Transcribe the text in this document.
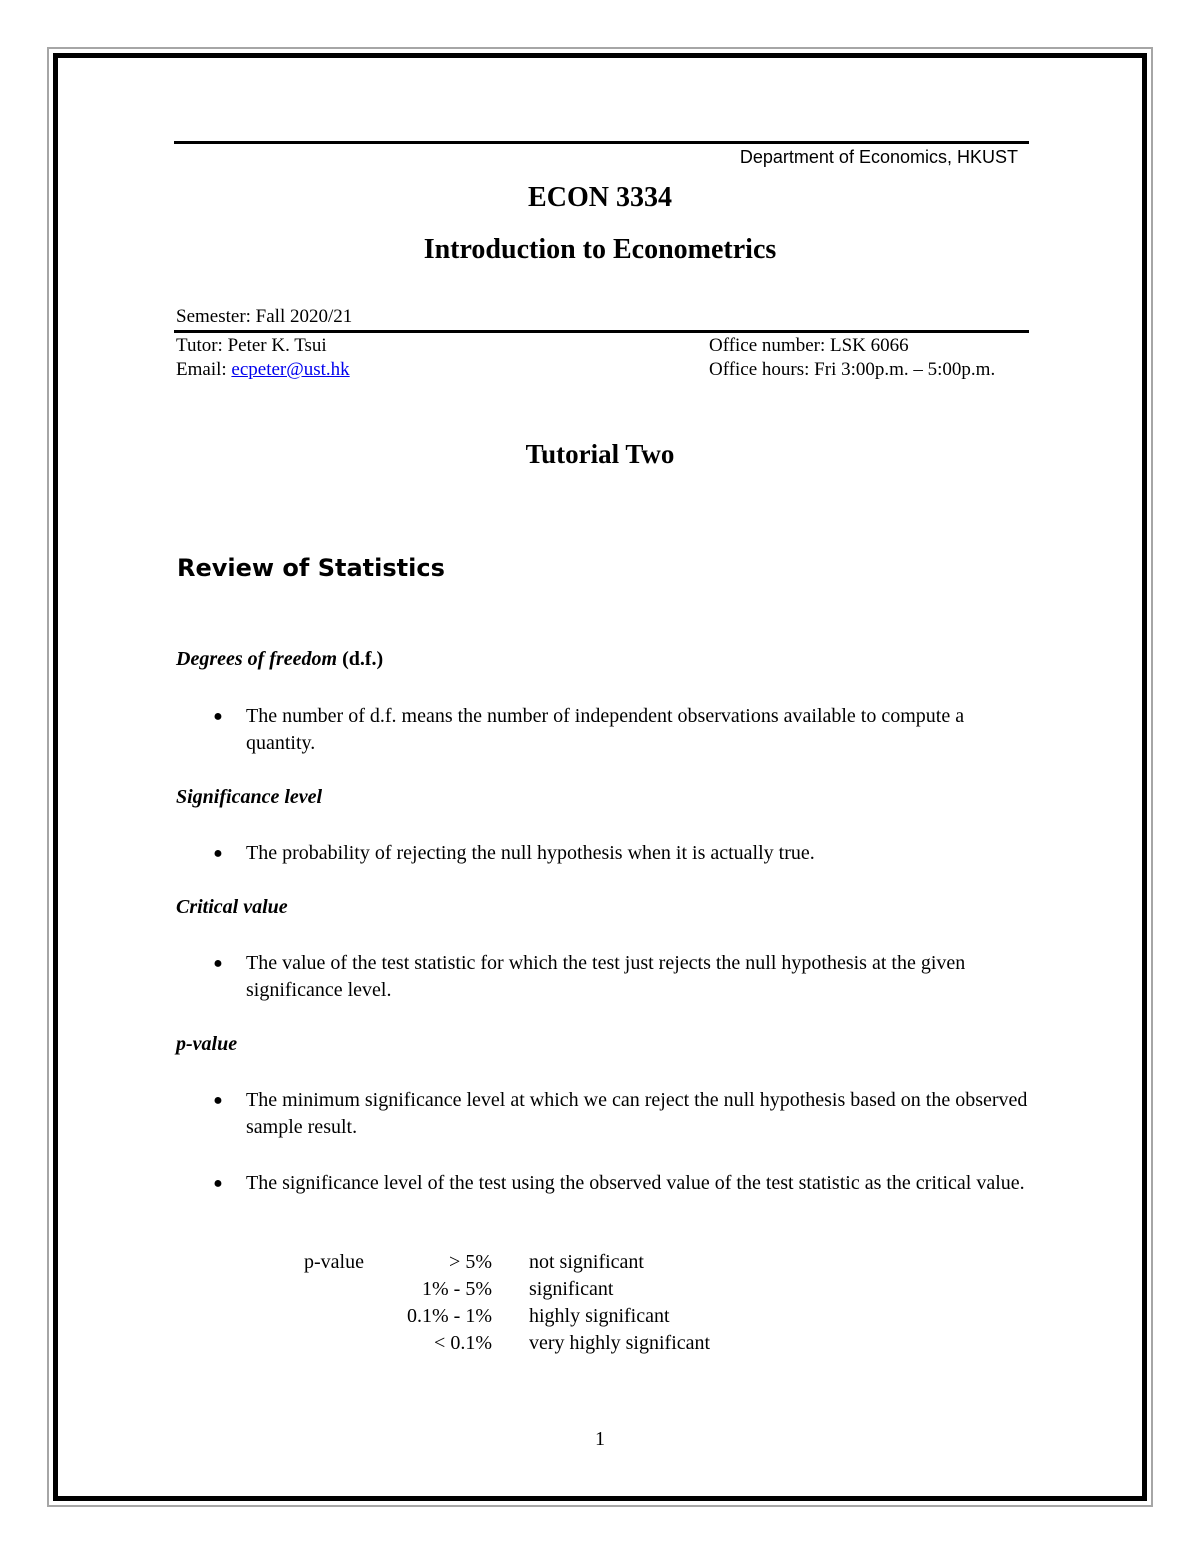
Department of Economics, HKUST
ECON 3334
Introduction to Econometrics
Semester: Fall 2020/21
Tutor: Peter K. Tsui
Email: ecpeter@ust.hk
Office number: LSK 6066
Office hours: Fri 3:00p.m. – 5:00p.m.
Tutorial Two
Review of Statistics
Degrees of freedom (d.f.)
● The number of d.f. means the number of independent observations available to compute a quantity.
Significance level
● The probability of rejecting the null hypothesis when it is actually true.
Critical value
● The value of the test statistic for which the test just rejects the null hypothesis at the given significance level.
p-value
● The minimum significance level at which we can reject the null hypothesis based on the observed sample result.
● The significance level of the test using the observed value of the test statistic as the critical value.
p-value	> 5% not significant
1% - 5% significant
0.1% - 1% highly significant
< 0.1% very highly significant
1
